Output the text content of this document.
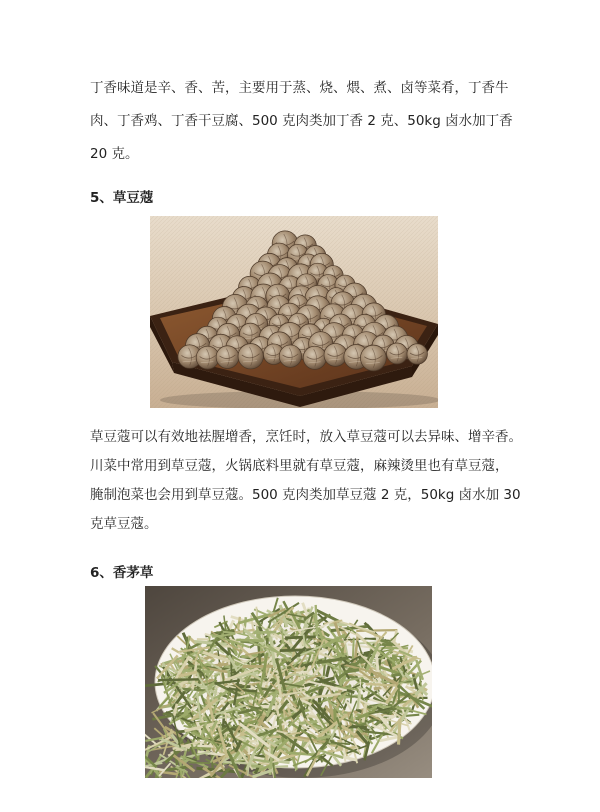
丁香味道是辛、香、苦，主要用于蒸、烧、煨、煮、卤等菜肴，丁香牛
肉、丁香鸡、丁香干豆腐、500 克肉类加丁香 2 克、50kg 卤水加丁香
20 克。
5、草豆蔻
草豆蔻可以有效地祛腥增香，烹饪时，放入草豆蔻可以去异味、增辛香。
川菜中常用到草豆蔻，火锅底料里就有草豆蔻，麻辣烫里也有草豆蔻，
腌制泡菜也会用到草豆蔻。500 克肉类加草豆蔻 2 克，50kg 卤水加 30
克草豆蔻。
6、香茅草
